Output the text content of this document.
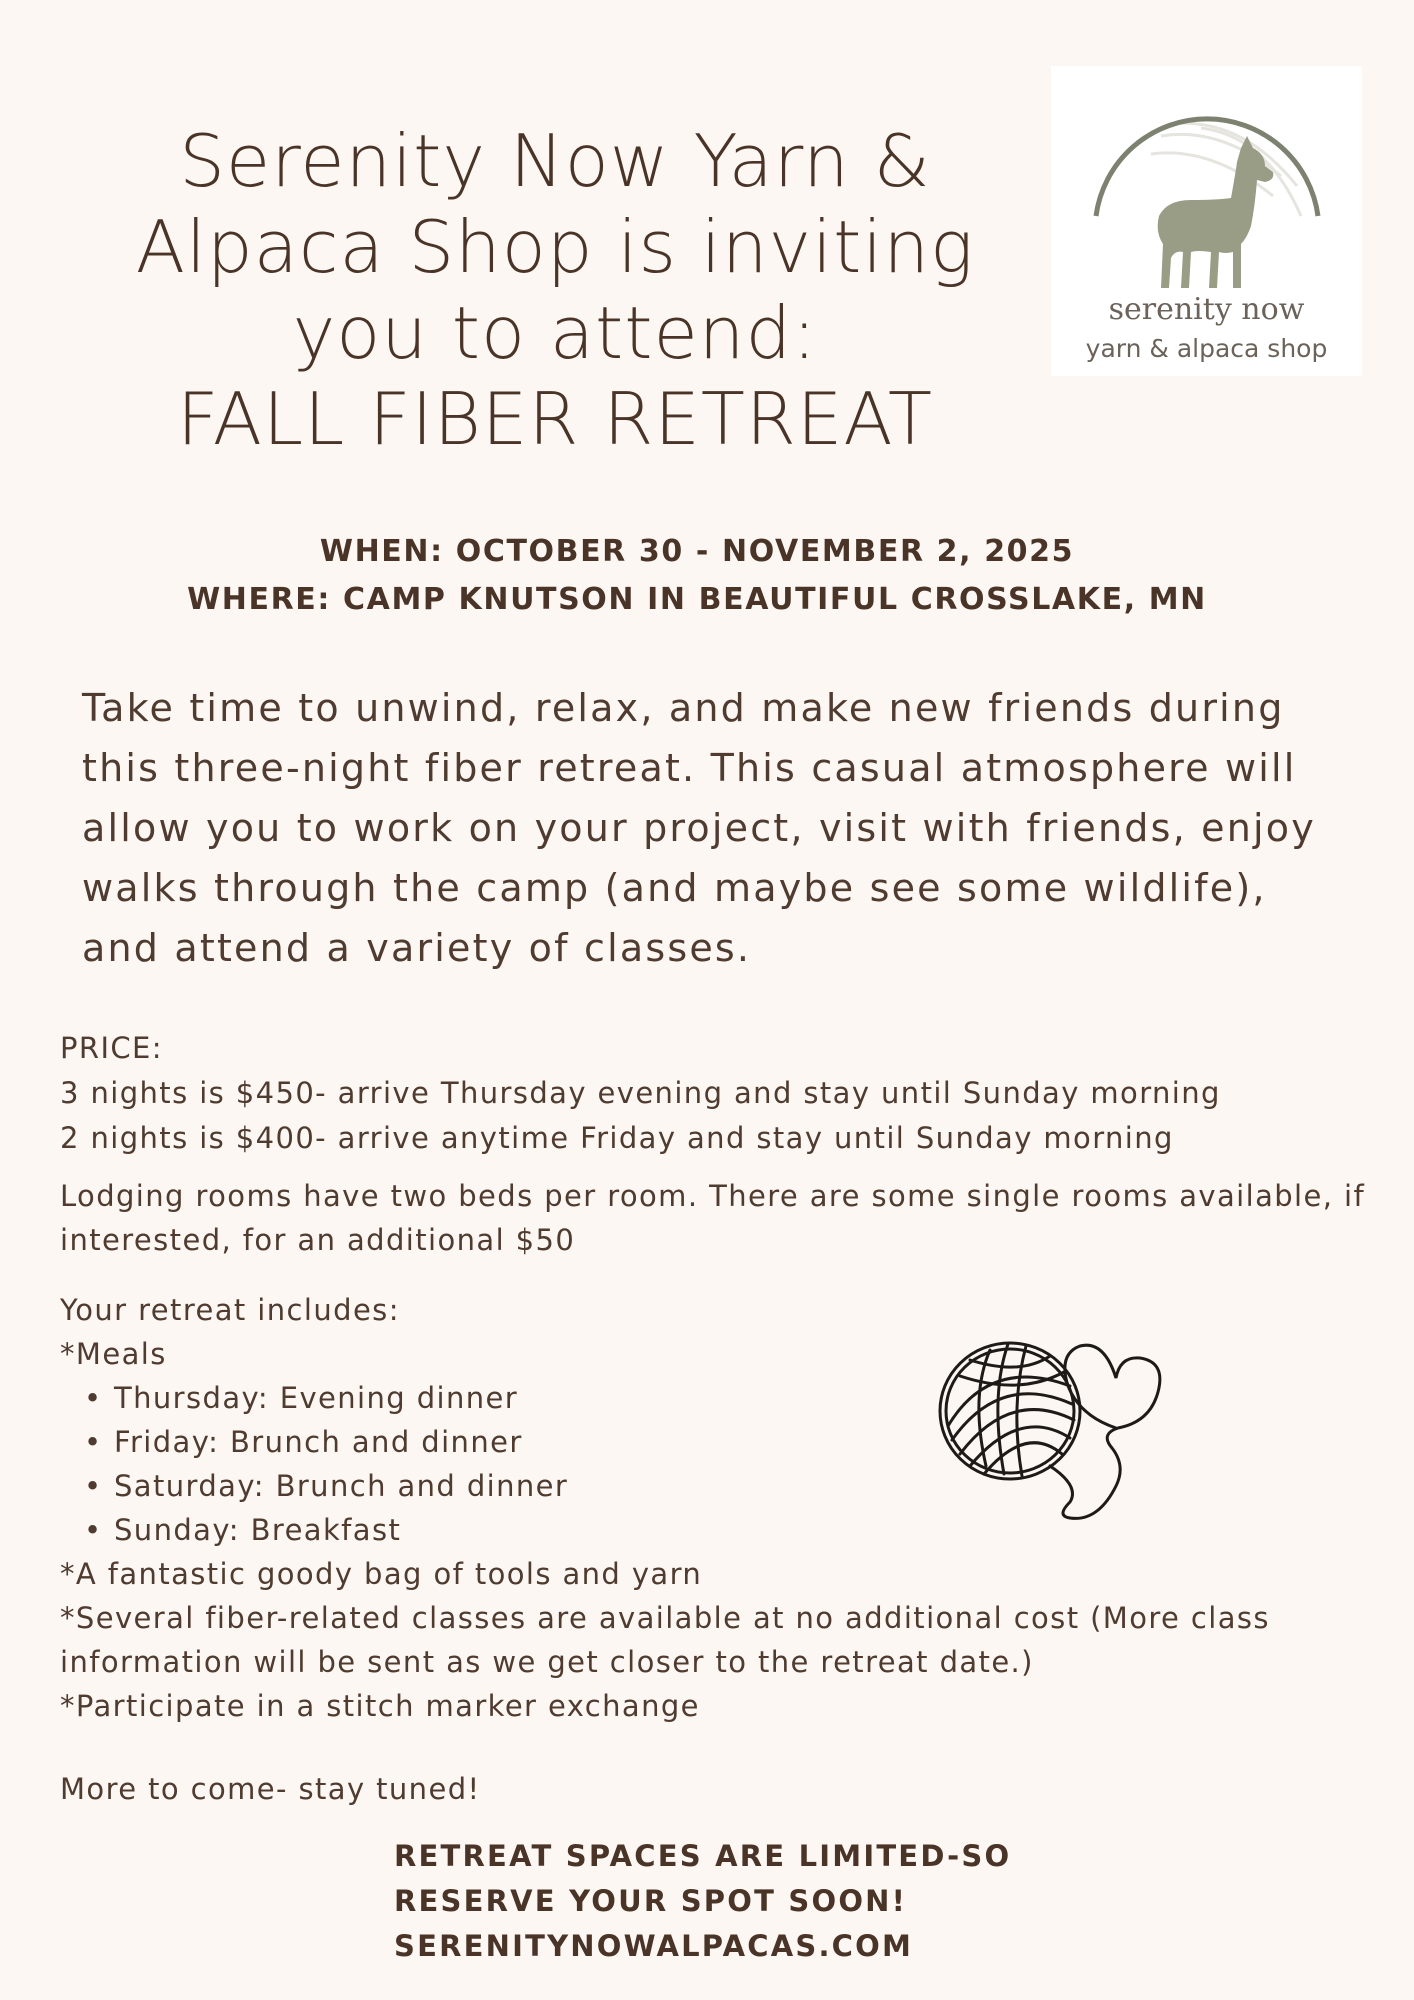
Serenity Now Yarn &
Alpaca Shop is inviting
you to attend:
FALL FIBER RETREAT
serenity now
yarn & alpaca shop
WHEN: OCTOBER 30 - NOVEMBER 2, 2025
WHERE: CAMP KNUTSON IN BEAUTIFUL CROSSLAKE, MN
Take time to unwind, relax, and make new friends during
this three-night fiber retreat. This casual atmosphere will
allow you to work on your project, visit with friends, enjoy
walks through the camp (and maybe see some wildlife),
and attend a variety of classes.
PRICE:
3 nights is $450- arrive Thursday evening and stay until Sunday morning
2 nights is $400- arrive anytime Friday and stay until Sunday morning
Lodging rooms have two beds per room. There are some single rooms available, if
interested, for an additional $50
Your retreat includes:
*Meals
• Thursday: Evening dinner
• Friday: Brunch and dinner
• Saturday: Brunch and dinner
• Sunday: Breakfast
*A fantastic goody bag of tools and yarn
*Several fiber-related classes are available at no additional cost (More class
information will be sent as we get closer to the retreat date.)
*Participate in a stitch marker exchange
More to come- stay tuned!
RETREAT SPACES ARE LIMITED-SO
RESERVE YOUR SPOT SOON!
SERENITYNOWALPACAS.COM
